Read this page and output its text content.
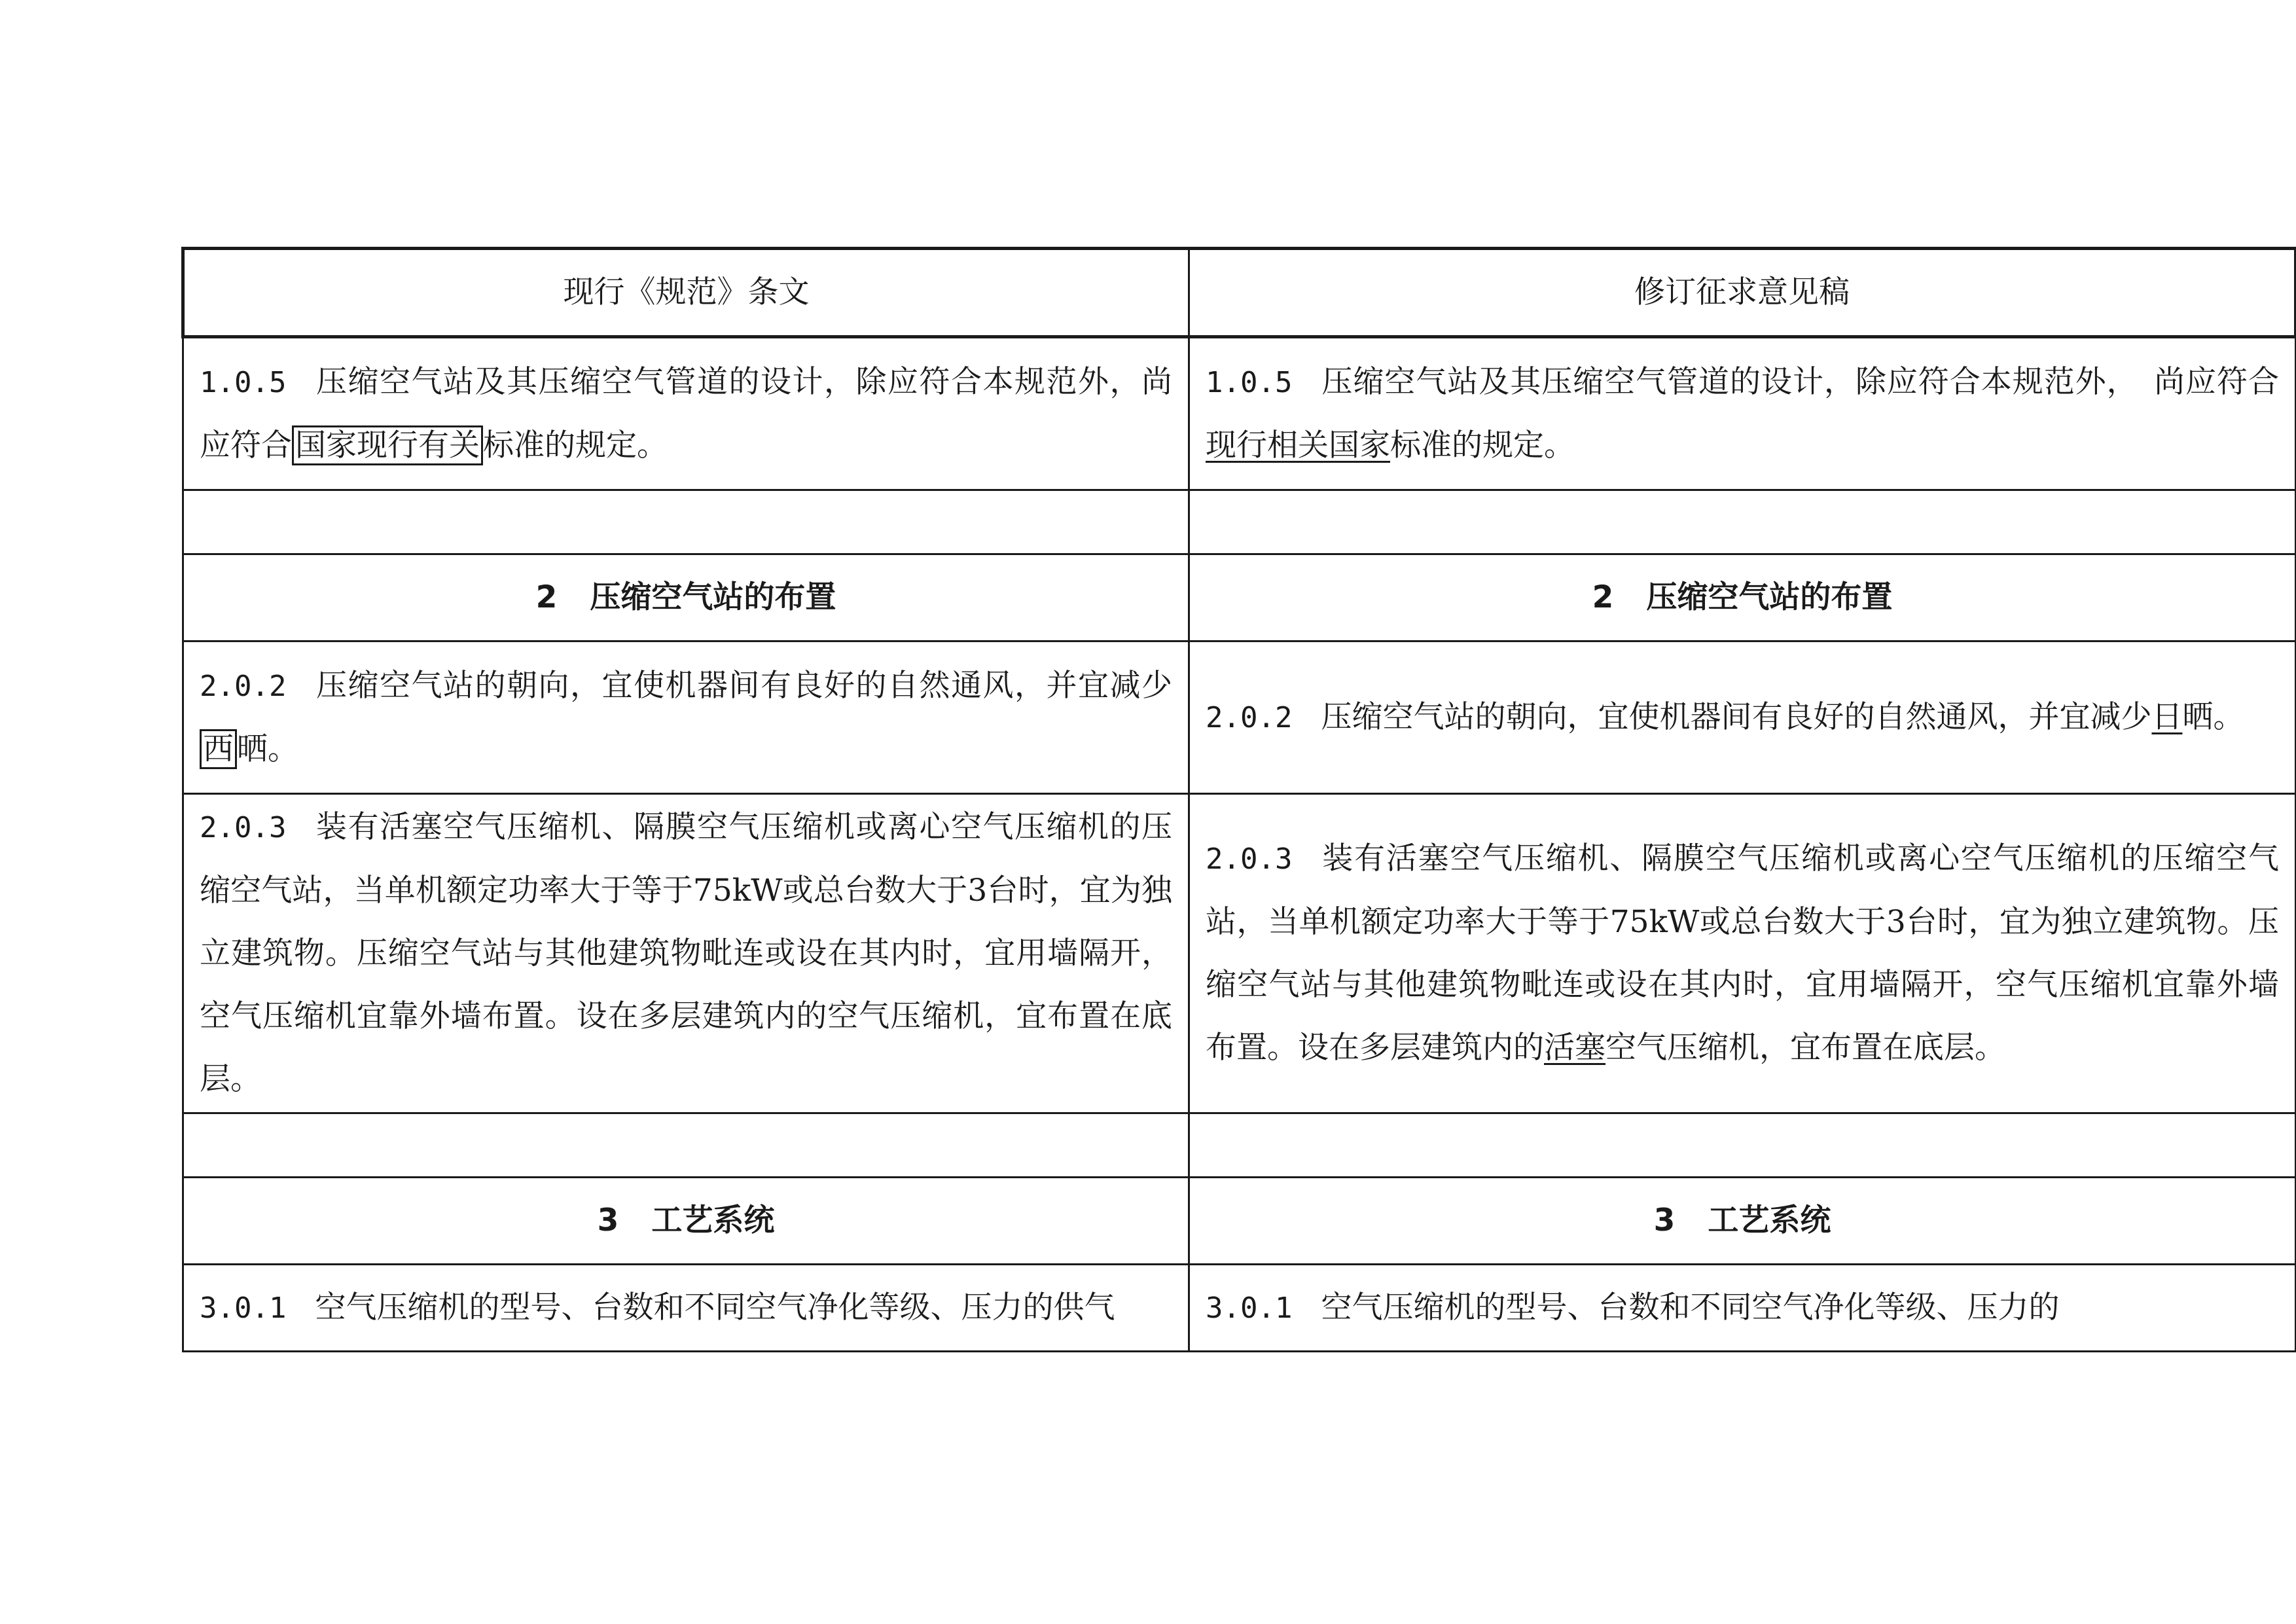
现行《规范》条文	修订征求意见稿
1.0.5 压缩空气站及其压缩空气管道的设计，除应符合本规范外，尚应符合 国家现行有关 标准的规定。	1.0.5 压缩空气站及其压缩空气管道的设计，除应符合本规范外，　尚应符合现行相关国家标准的规定。

2 压缩空气站的布置	2 压缩空气站的布置
2.0.2 压缩空气站的朝向，宜使机器间有良好的自然通风，并宜减少西 晒。	2.0.2 压缩空气站的朝向，宜使机器间有良好的自然通风，并宜减少日晒。
2.0.3 装有活塞空气压缩机、隔膜空气压缩机或离心空气压缩机的压缩空气站，当单机额定功率大于等于75kW或总台数大于3台时，宜为独立建筑物。压缩空气站与其他建筑物毗连或设在其内时，宜用墙隔开，空气压缩机宜靠外墙布置。设在多层建筑内的空气压缩机，宜布置在底层。	2.0.3 装有活塞空气压缩机、隔膜空气压缩机或离心空气压缩机的压缩空气站，当单机额定功率大于等于75kW或总台数大于3台时，宜为独立建筑物。压缩空气站与其他建筑物毗连或设在其内时，宜用墙隔开，空气压缩机宜靠外墙布置。设在多层建筑内的活塞空气压缩机，宜布置在底层。

3 工艺系统	3 工艺系统
3.0.1 空气压缩机的型号、台数和不同空气净化等级、压力的供气	3.0.1 空气压缩机的型号、台数和不同空气净化等级、压力的
